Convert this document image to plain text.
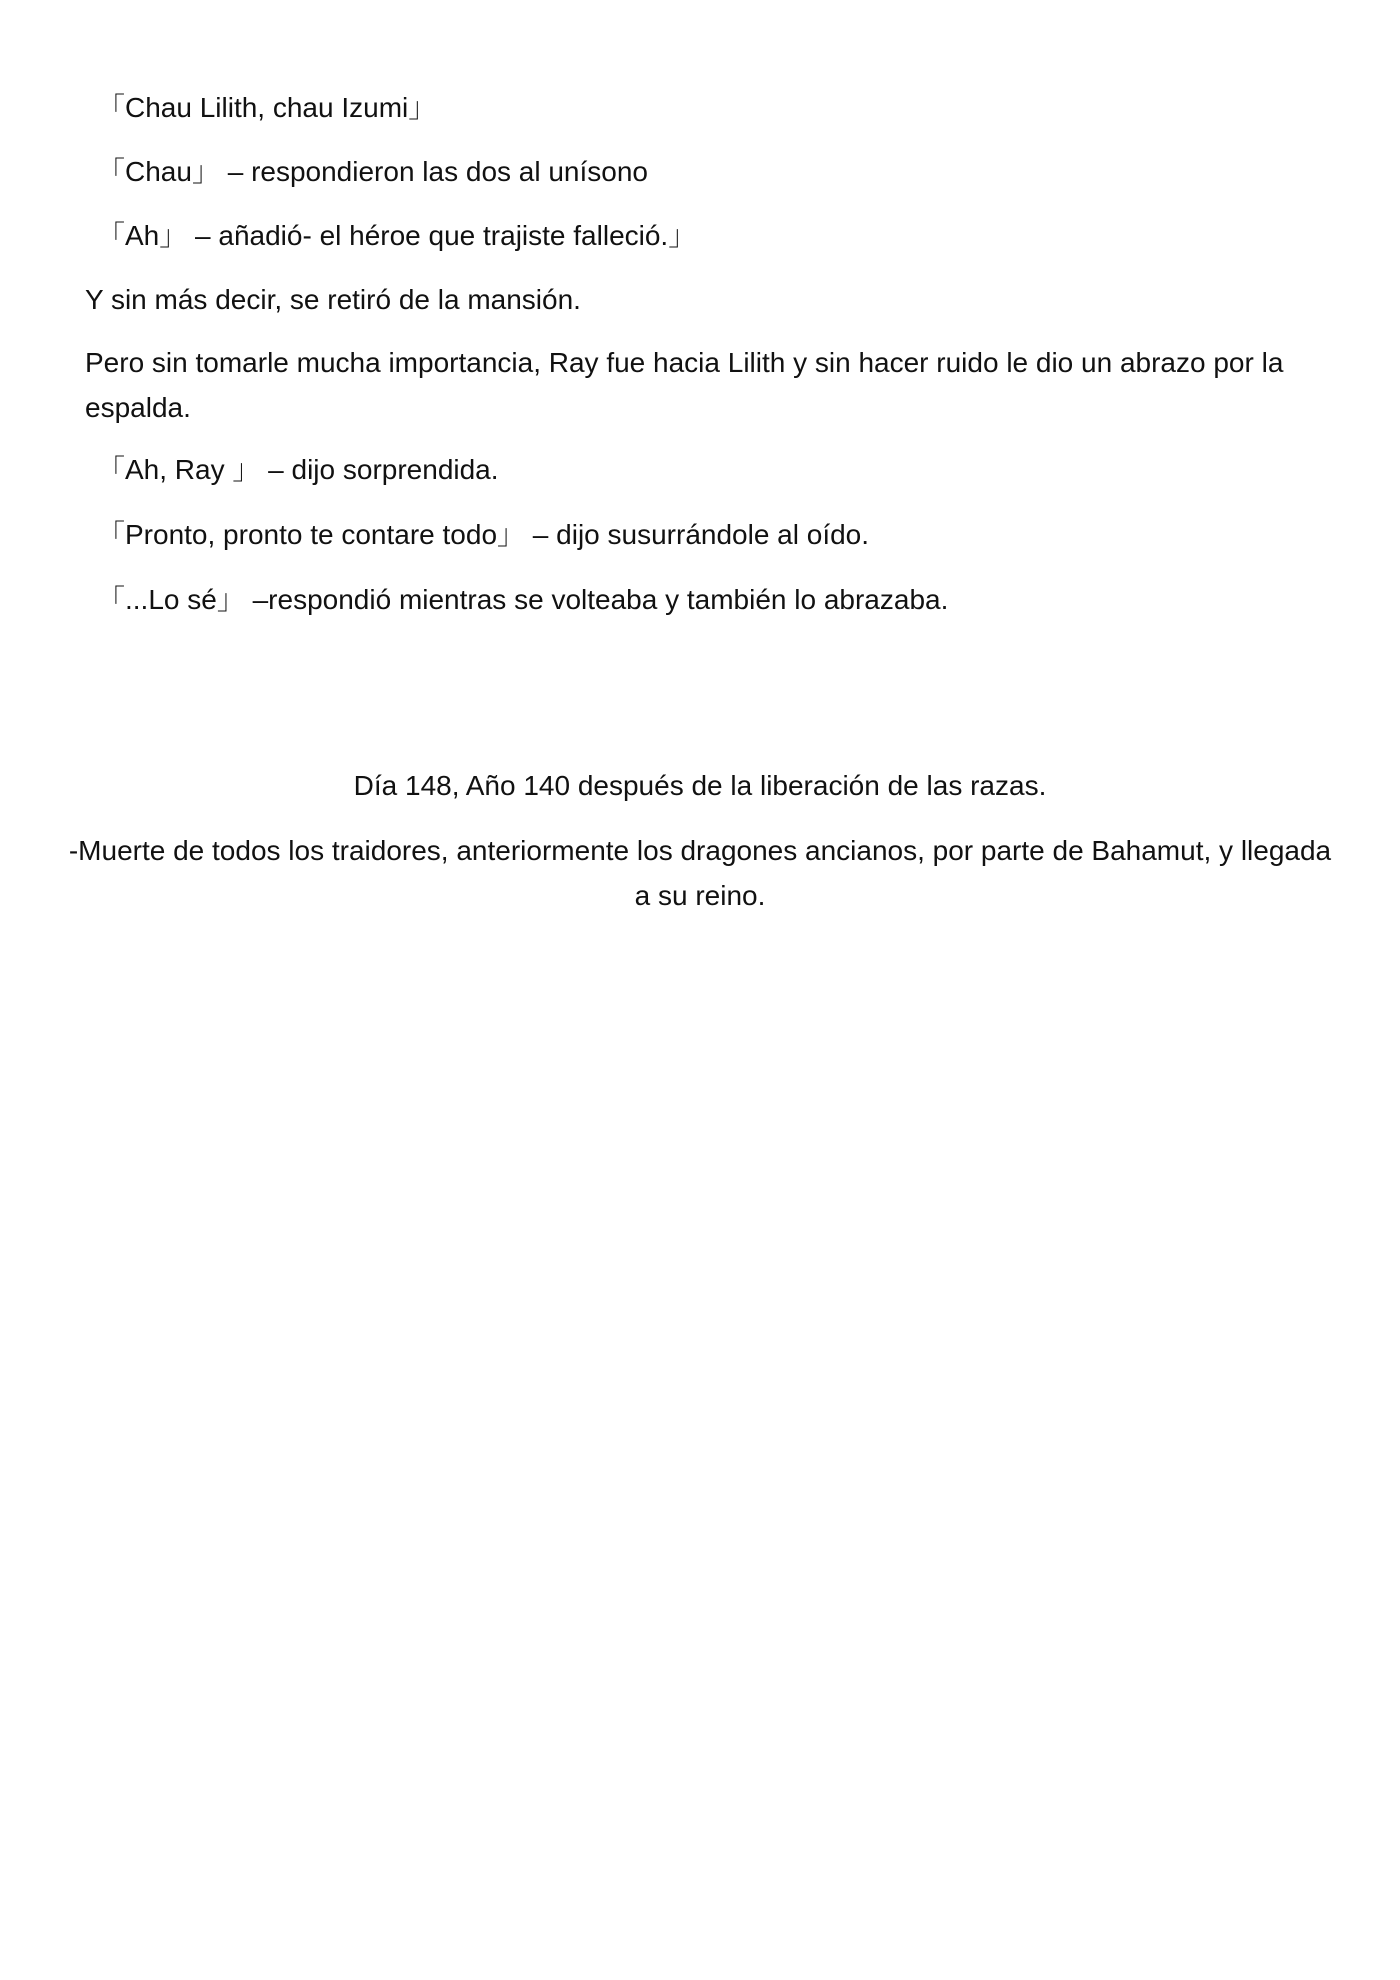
「Chau Lilith, chau Izumi」

「Chau」 – respondieron las dos al unísono

「Ah」 – añadió- el héroe que trajiste falleció.」

Y sin más decir, se retiró de la mansión.

Pero sin tomarle mucha importancia, Ray fue hacia Lilith y sin hacer ruido le dio un abrazo por la espalda.

「Ah, Ray 」 – dijo sorprendida.

「Pronto, pronto te contare todo」 – dijo susurrándole al oído.

「...Lo sé」 –respondió mientras se volteaba y también lo abrazaba.

Día 148, Año 140 después de la liberación de las razas.

-Muerte de todos los traidores, anteriormente los dragones ancianos, por parte de Bahamut, y llegada a su reino.
